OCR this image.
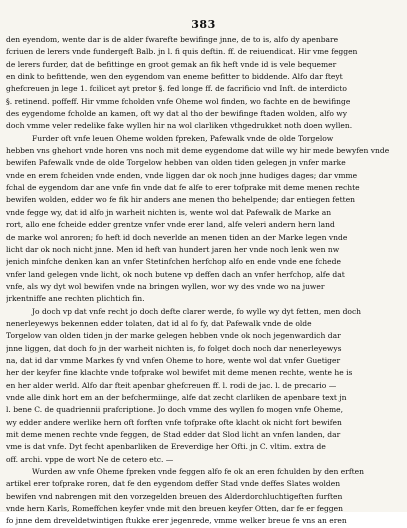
383
den eyendom, wente dar is de alder fwarefte bewifinge jnne, de to is, alfo dy apenbare
fcriuen de lerers vnde fundergeft Balb. jn l. fi quis deftin. ff. de reiuendicat. Hir vme feggen
de lerers furder, dat de befittinge en groot gemak an fik heft vnde id is vele bequemer
en dink to befittende, wen den eygendom van eneme befitter to biddende. Alfo dar fteyt
ghefcreuen jn lege 1. fcilicet ayt pretor §. fed longe ff. de facrificio vnd Inft. de interdicto
§. retinend. poffeff. Hir vmme fcholden vnfe Oheme wol finden, wo fachte en de bewifinge
des eygendome fcholde an kamen, oft wy dat al tho der bewifinge ftaden wolden, alfo wy
doch vmme veler redelike fake wyllen hir na wol clarliken vthgedrukket noth doen wyllen.
Furder oft vnfe leuen Oheme wolden fpreken, Pafewalk vnde de olde Torgelow
hebben vns ghehort vnde horen vns noch mit deme eygendome dat wille wy hir mede bewyfen vnde
bewifen Pafewalk vnde de olde Torgelow hebben van olden tiden gelegen jn vnfer marke
vnde en erem fcheiden vnde enden, vnde liggen dar ok noch jnne hudiges dages; dar vmme
fchal de eygendom dar ane vnfe fin vnde dat fe alfe to erer tofprake mit deme menen rechte
bewifen wolden, edder wo fe fik hir anders ane menen tho behelpende; dar entiegen fetten
vnde fegge wy, dat id alfo jn warheit nichten is, wente wol dat Pafewalk de Marke an
rort, allo ene fcheide edder grentze vnfer vnde erer land, alfe veleri andern hern land
de marke wol anroren; fo heft id doch neverlde an menen tiden an der Marke legen vnde
licht dar ok noch nicht jnne. Men id heft van hundert jaren her vnde noch lenk wen nw
jenich minfche denken kan an vnfer Stetinfchen herfchop alfo en ende vnde ene fchede
vnfer land gelegen vnde licht, ok noch butene vp deffen dach an vnfer herfchop, alfe dat
vnfe, als wy dyt wol bewifen vnde na bringen wyllen, wor wy des vnde wo na juwer
jrkentniffe ane rechten plichtich fin.
Jo doch vp dat vnfe recht jo doch defte clarer werde, fo wylle wy dyt fetten, men doch
nenerleyewys bekennen edder tolaten, dat id al fo fy, dat Pafewalk vnde de olde
Torgelow van olden tiden jn der marke gelegen hebben vnde ok noch jegenwardich dar
jnne liggen, dat doch fo jn der warheit nichten is, fo folget doch noch dar nenerleyewys
na, dat id dar vmme Markes fy vnd vnfen Oheme to hore, wente wol dat vnfer Guetiger
her der keyfer fine klachte vnde tofprake wol bewifet mit deme menen rechte, wente he is
en her alder werld. Alfo dar fteit apenbar ghefcreuen ff. l. rodi de jac. l. de precario —
vnde alle dink hort em an der befchermiinge, alfe dat zecht clarliken de apenbare text jn
l. bene C. de quadriennii prafcriptione. Jo doch vmme des wyllen fo mogen vnfe Oheme,
wy edder andere werlike hern oft forften vnfe tofprake ofte klacht ok nicht fort bewifen
mit deme menen rechte vnde feggen, de Stad edder dat Slod licht an vnfen landen, dar
vme is dat vnfe. Dyt fecht apenbarliken de Ereverdige her Ofti. jn C. vltim. extra de
off. archi. vppe de wort Ne de cetero etc. —
Wurden aw vnfe Oheme fpreken vnde feggen alfo fe ok an eren fchulden by den erften
artikel erer tofprake roren, dat fe den eygendom deffer Stad vnde deffes Slates wolden
bewifen vnd nabrengen mit den vorzegelden breuen des Alderdorchluchtigeften furften
vnde hern Karls, Romeffchen keyfer vnde mit den breuen keyfer Otten, dar fe er feggen
fo jnne dem dreveldetwintigen ftukke erer jegenrede, vmme welker breue fe vns an eren
